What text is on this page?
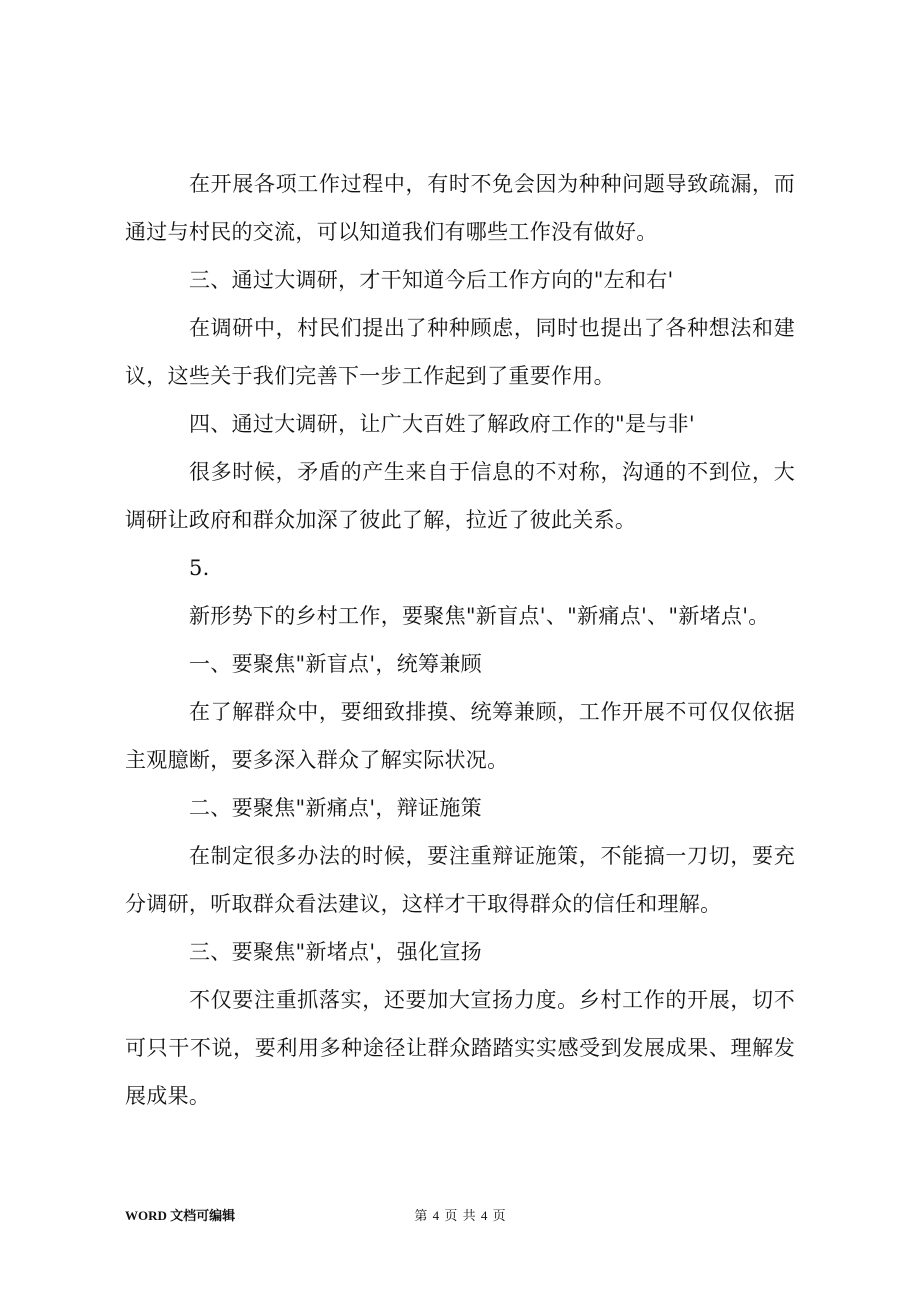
在开展各项工作过程中，有时不免会因为种种问题导致疏漏，而通过与村民的交流，可以知道我们有哪些工作没有做好。

三、通过大调研，才干知道今后工作方向的"左和右'

在调研中，村民们提出了种种顾虑，同时也提出了各种想法和建议，这些关于我们完善下一步工作起到了重要作用。

四、通过大调研，让广大百姓了解政府工作的"是与非'

很多时候，矛盾的产生来自于信息的不对称，沟通的不到位，大调研让政府和群众加深了彼此了解，拉近了彼此关系。

5.

新形势下的乡村工作，要聚焦"新盲点'、"新痛点'、"新堵点'。

一、要聚焦"新盲点'，统筹兼顾

在了解群众中，要细致排摸、统筹兼顾，工作开展不可仅仅依据主观臆断，要多深入群众了解实际状况。

二、要聚焦"新痛点'，辩证施策

在制定很多办法的时候，要注重辩证施策，不能搞一刀切，要充分调研，听取群众看法建议，这样才干取得群众的信任和理解。

三、要聚焦"新堵点'，强化宣扬

不仅要注重抓落实，还要加大宣扬力度。乡村工作的开展，切不可只干不说，要利用多种途径让群众踏踏实实感受到发展成果、理解发展成果。

WORD 文档可编辑	第 4 页 共 4 页
